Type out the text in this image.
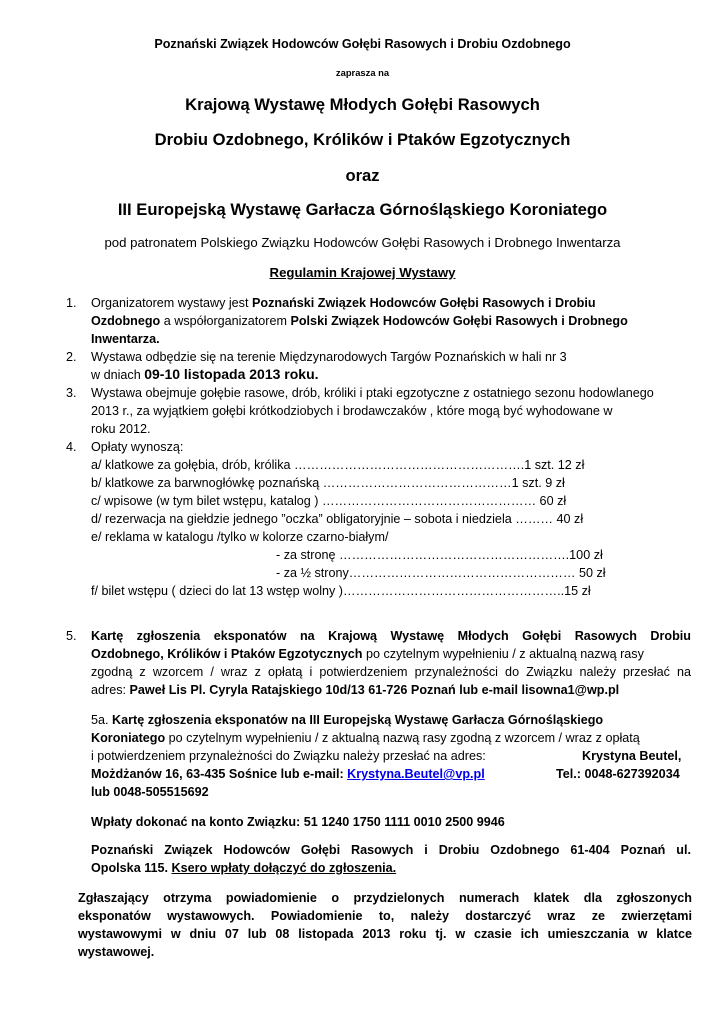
Poznański Związek Hodowców Gołębi Rasowych i Drobiu Ozdobnego
zaprasza na
Krajową Wystawę Młodych Gołębi Rasowych
Drobiu Ozdobnego, Królików i Ptaków Egzotycznych
oraz
III Europejską Wystawę Garłacza Górnośląskiego Koroniatego
pod patronatem Polskiego Związku Hodowców Gołębi Rasowych i Drobnego Inwentarza
Regulamin Krajowej Wystawy
1. Organizatorem wystawy jest Poznański Związek Hodowców Gołębi Rasowych i Drobiu
Ozdobnego a współorganizatorem Polski Związek Hodowców Gołębi Rasowych i Drobnego
Inwentarza.
2. Wystawa odbędzie się na terenie Międzynarodowych Targów Poznańskich w hali nr 3
w dniach 09-10 listopada 2013 roku.
3. Wystawa obejmuje gołębie rasowe, drób, króliki i ptaki egzotyczne z ostatniego sezonu hodowlanego
2013 r., za wyjątkiem gołębi krótkodziobych i brodawczaków , które mogą być wyhodowane w
roku 2012.
4. Opłaty wynoszą:
a/ klatkowe za gołębia, drób, królika ……………………………………………….1 szt. 12 zł
b/ klatkowe za barwnogłówkę poznańską ………………………………………1 szt. 9 zł
c/ wpisowe (w tym bilet wstępu, katalog ) …………………………………………… 60 zł
d/ rezerwacja na giełdzie jednego ”oczka” obligatoryjnie – sobota i niedziela ……… 40 zł
e/ reklama w katalogu /tylko w kolorze czarno-białym/
- za stronę ……………………………………………….100 zł
- za ½ strony……………………………………………… 50 zł
f/ bilet wstępu ( dzieci do lat 13 wstęp wolny )……………………………………………..15 zł
5. Kartę zgłoszenia eksponatów na Krajową Wystawę Młodych Gołębi Rasowych Drobiu
Ozdobnego, Królików i Ptaków Egzotycznych po czytelnym wypełnieniu / z aktualną nazwą rasy
zgodną z wzorcem / wraz z opłatą i potwierdzeniem przynależności do Związku należy przesłać na
adres: Paweł Lis Pl. Cyryla Ratajskiego 10d/13 61-726 Poznań lub e-mail lisowna1@wp.pl
5a. Kartę zgłoszenia eksponatów na III Europejską Wystawę Garłacza Górnośląskiego
Koroniatego po czytelnym wypełnieniu / z aktualną nazwą rasy zgodną z wzorcem / wraz z opłatą
i potwierdzeniem przynależności do Związku należy przesłać na adres:	Krystyna Beutel,
Możdżanów 16, 63-435 Sośnice lub e-mail: Krystyna.Beutel@vp.pl	Tel.: 0048-627392034
lub 0048-505515692
Wpłaty dokonać na konto Związku: 51 1240 1750 1111 0010 2500 9946
Poznański Związek Hodowców Gołębi Rasowych i Drobiu Ozdobnego 61-404 Poznań ul.
Opolska 115. Ksero wpłaty dołączyć do zgłoszenia.
Zgłaszający otrzyma powiadomienie o przydzielonych numerach klatek dla zgłoszonych
eksponatów wystawowych. Powiadomienie to, należy dostarczyć wraz ze zwierzętami
wystawowymi w dniu 07 lub 08 listopada 2013 roku tj. w czasie ich umieszczania w klatce
wystawowej.
